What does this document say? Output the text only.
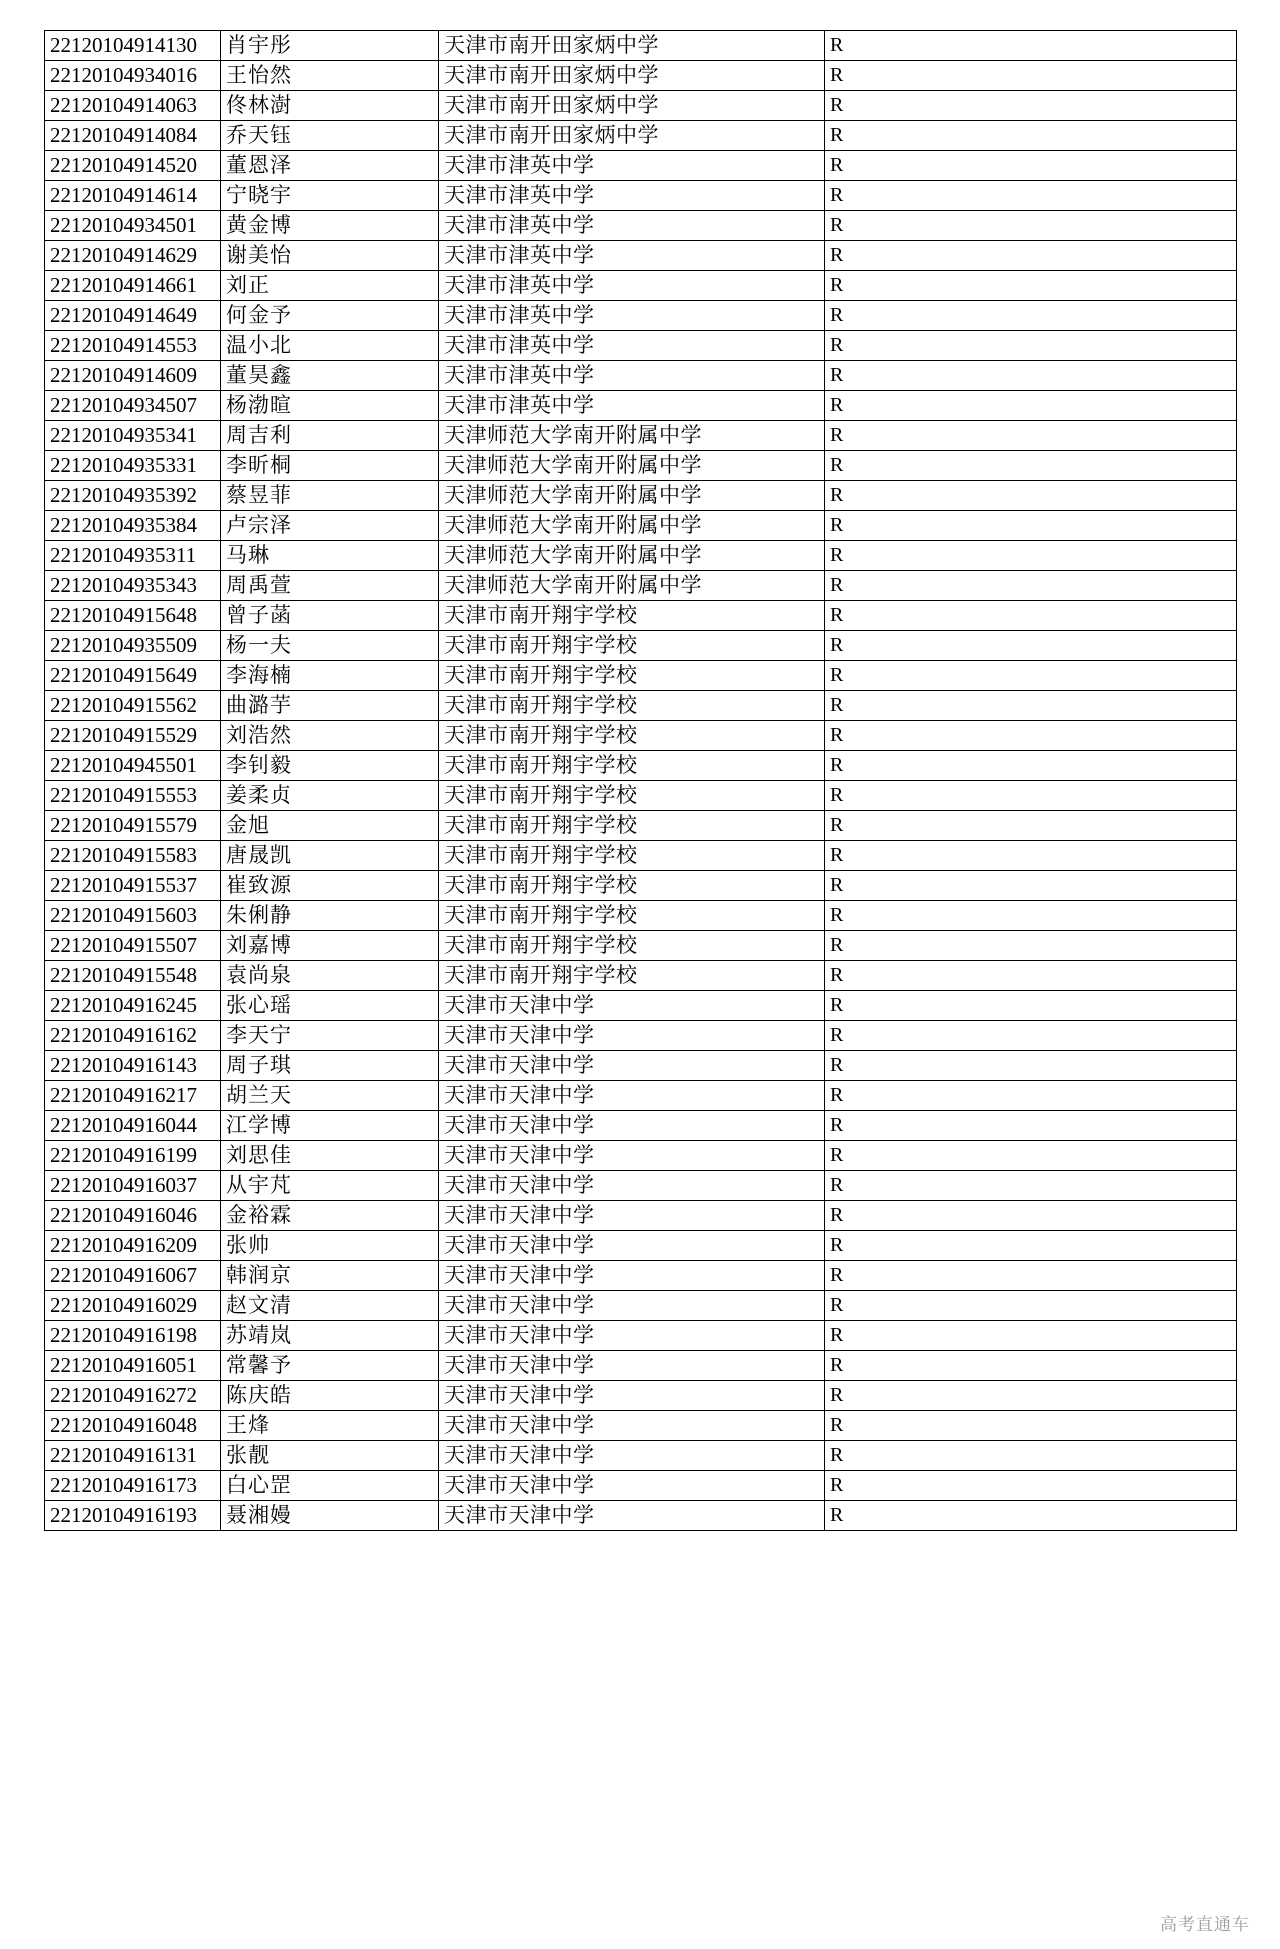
22120104914130	肖宇彤	天津市南开田家炳中学	R
22120104934016	王怡然	天津市南开田家炳中学	R
22120104914063	佟林澍	天津市南开田家炳中学	R
22120104914084	乔天钰	天津市南开田家炳中学	R
22120104914520	董恩泽	天津市津英中学	R
22120104914614	宁晓宇	天津市津英中学	R
22120104934501	黄金博	天津市津英中学	R
22120104914629	谢美怡	天津市津英中学	R
22120104914661	刘正	天津市津英中学	R
22120104914649	何金予	天津市津英中学	R
22120104914553	温小北	天津市津英中学	R
22120104914609	董昊鑫	天津市津英中学	R
22120104934507	杨渤暄	天津市津英中学	R
22120104935341	周吉利	天津师范大学南开附属中学	R
22120104935331	李昕桐	天津师范大学南开附属中学	R
22120104935392	蔡昱菲	天津师范大学南开附属中学	R
22120104935384	卢宗泽	天津师范大学南开附属中学	R
22120104935311	马琳	天津师范大学南开附属中学	R
22120104935343	周禹萱	天津师范大学南开附属中学	R
22120104915648	曾子菡	天津市南开翔宇学校	R
22120104935509	杨一夫	天津市南开翔宇学校	R
22120104915649	李海楠	天津市南开翔宇学校	R
22120104915562	曲潞芋	天津市南开翔宇学校	R
22120104915529	刘浩然	天津市南开翔宇学校	R
22120104945501	李钊毅	天津市南开翔宇学校	R
22120104915553	姜柔贞	天津市南开翔宇学校	R
22120104915579	金旭	天津市南开翔宇学校	R
22120104915583	唐晟凯	天津市南开翔宇学校	R
22120104915537	崔致源	天津市南开翔宇学校	R
22120104915603	朱俐静	天津市南开翔宇学校	R
22120104915507	刘嘉博	天津市南开翔宇学校	R
22120104915548	袁尚泉	天津市南开翔宇学校	R
22120104916245	张心瑶	天津市天津中学	R
22120104916162	李天宁	天津市天津中学	R
22120104916143	周子琪	天津市天津中学	R
22120104916217	胡兰天	天津市天津中学	R
22120104916044	江学博	天津市天津中学	R
22120104916199	刘思佳	天津市天津中学	R
22120104916037	从宇芃	天津市天津中学	R
22120104916046	金裕霖	天津市天津中学	R
22120104916209	张帅	天津市天津中学	R
22120104916067	韩润京	天津市天津中学	R
22120104916029	赵文清	天津市天津中学	R
22120104916198	苏靖岚	天津市天津中学	R
22120104916051	常馨予	天津市天津中学	R
22120104916272	陈庆皓	天津市天津中学	R
22120104916048	王烽	天津市天津中学	R
22120104916131	张靓	天津市天津中学	R
22120104916173	白心罡	天津市天津中学	R
22120104916193	聂湘嫚	天津市天津中学	R
高考直通车
